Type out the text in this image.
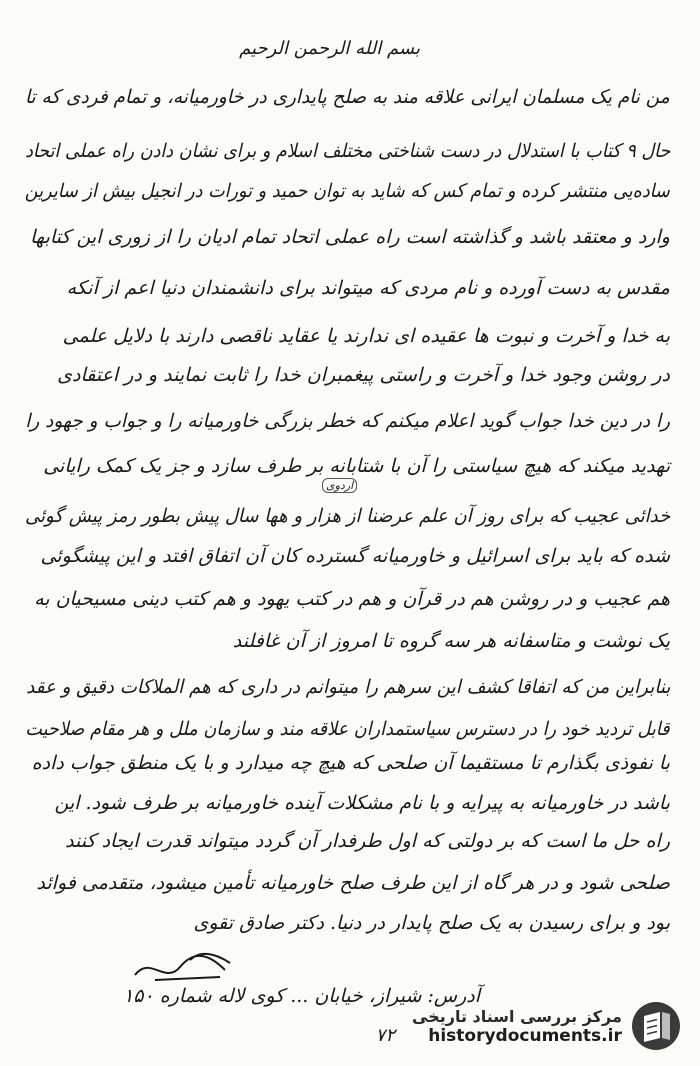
بسم الله الرحمن الرحیم
من نام یک مسلمان ایرانی علاقه مند به صلح پایداری در خاورمیانه، و تمام فردی که تا
حال ۹ کتاب با استدلال در دست شناختی مختلف اسلام و برای نشان دادن راه عملی اتحاد
ساده‌یی منتشر کرده و تمام کس که شاید به توان حمید و تورات در انجیل بیش از سایرین
وارد و معتقد باشد و گذاشته است راه عملی اتحاد تمام ادیان را از زوری این کتابها
مقدس به دست آورده و نام مردی که میتواند برای دانشمندان دنیا اعم از آنکه
به خدا و آخرت و نبوت ها عقیده ای ندارند یا عقاید ناقصی دارند با دلایل علمی
در روشن وجود خدا و آخرت و راستی پیغمبران خدا را ثابت نمایند و در اعتقادی
را در دین خدا جواب گوید اعلام میکنم که خطر بزرگی خاورمیانه را و جواب و جهود را
تهدید میکند که هیچ سیاستی را آن با شتابانه بر طرف سازد و جز یک کمک رایانی
اردوی
خدائی عجیب که برای روز آن علم عرضنا از هزار و هها سال پیش بطور رمز پیش گوئی
شده که باید برای اسرائیل و خاورمیانه گسترده کان آن اتفاق افتد و این پیشگوئی
هم عجیب و در روشن هم در قرآن و هم در کتب یهود و هم کتب دینی مسیحیان به
یک نوشت و متاسفانه هر سه گروه تا امروز از آن غافلند
بنابراین من که اتفاقا کشف این سرهم را میتوانم در داری که هم الملاکات دقیق و عقد
قابل تردید خود را در دسترس سیاستمداران علاقه مند و سازمان ملل و هر مقام صلاحیت
با نفوذی بگذارم تا مستقیما آن صلحی که هیچ چه میدارد و با یک منطق جواب داده
باشد در خاورمیانه به پیرایه و با نام مشکلات آینده خاورمیانه بر طرف شود. این
راه حل ما است که بر دولتی که اول طرفدار آن گردد میتواند قدرت ایجاد کنند
صلحی شود و در هر گاه از این طرف صلح خاورمیانه تأمین میشود، متقدمی فوائد
بود و برای رسیدن به یک صلح پایدار در دنیا. دکتر صادق تقوی
آدرس: شیراز، خیابان ... کوی لاله شماره ۱۵۰
۷۲
مرکز بررسی اسناد تاریخی
historydocuments.ir
